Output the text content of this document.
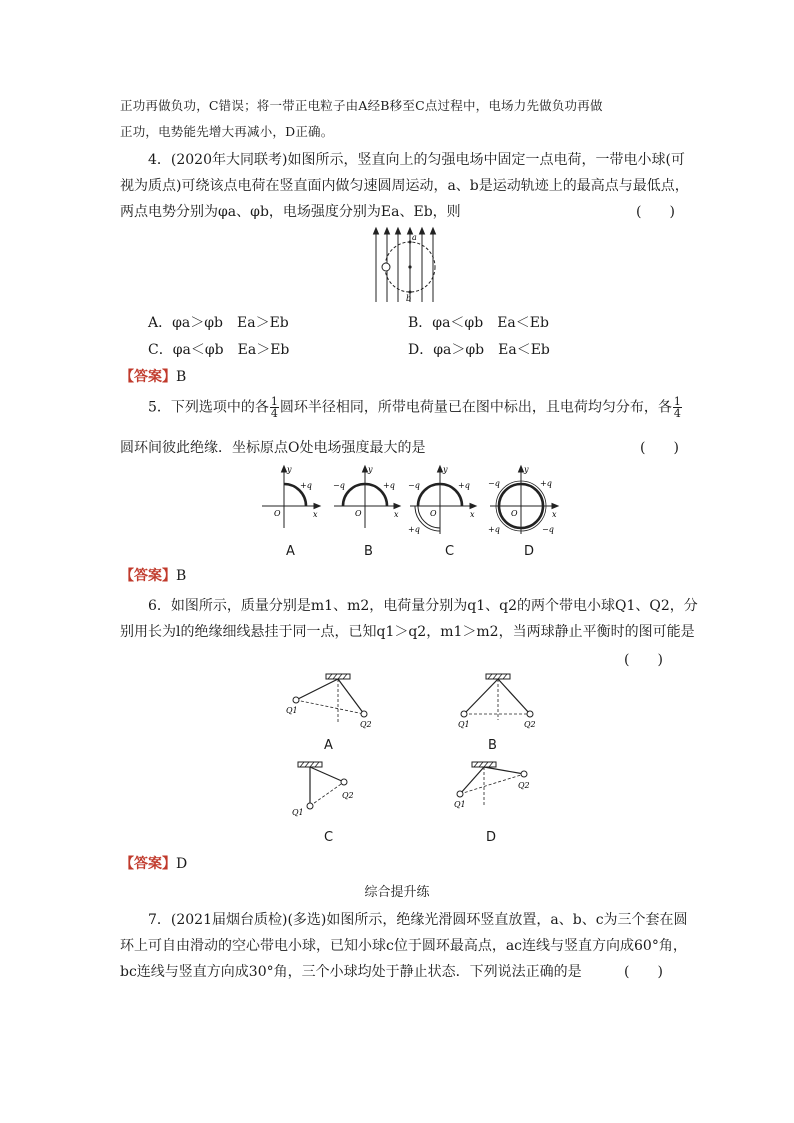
正功再做负功，C错误；将一带正电粒子由A经B移至C点过程中，电场力先做负功再做
正功，电势能先增大再减小，D正确。
4．(2020年大同联考)如图所示，竖直向上的匀强电场中固定一点电荷，一带电小球(可
视为质点)可绕该点电荷在竖直面内做匀速圆周运动，a、b是运动轨迹上的最高点与最低点，
两点电势分别为φa、φb，电场强度分别为Ea、Eb，则	(　　)
a
b
A．φa＞φb　Ea＞Eb	B．φa＜φb　Ea＜Eb
C．φa＜φb　Ea＞Eb	D．φa＞φb　Ea＜Eb
【答案】B
5．下列选项中的各 $\frac{1}{4}$ 圆环半径相同，所带电荷量已在图中标出，且电荷均匀分布，各 $\frac{1}{4}$
圆环间彼此绝缘．坐标原点O处电场强度最大的是	(　　)
y
x
O
+q
A
y
x
O
−q	+q
B
y
x
O
−q	+q
+q
C
y
x
O
−q	+q
+q	−q
D
【答案】B
6．如图所示，质量分别是m1、m2，电荷量分别为q1、q2的两个带电小球Q1、Q2，分
别用长为l的绝缘细线悬挂于同一点，已知q1＞q2，m1＞m2，当两球静止平衡时的图可能是
(　　)
Q1
Q2
A
Q1	Q2
B
Q1
Q2
C
Q1
Q2
D
【答案】D
综合提升练
7．(2021届烟台质检)(多选)如图所示，绝缘光滑圆环竖直放置，a、b、c为三个套在圆
环上可自由滑动的空心带电小球，已知小球c位于圆环最高点，ac连线与竖直方向成60°角，
bc连线与竖直方向成30°角，三个小球均处于静止状态．下列说法正确的是	(　　)
